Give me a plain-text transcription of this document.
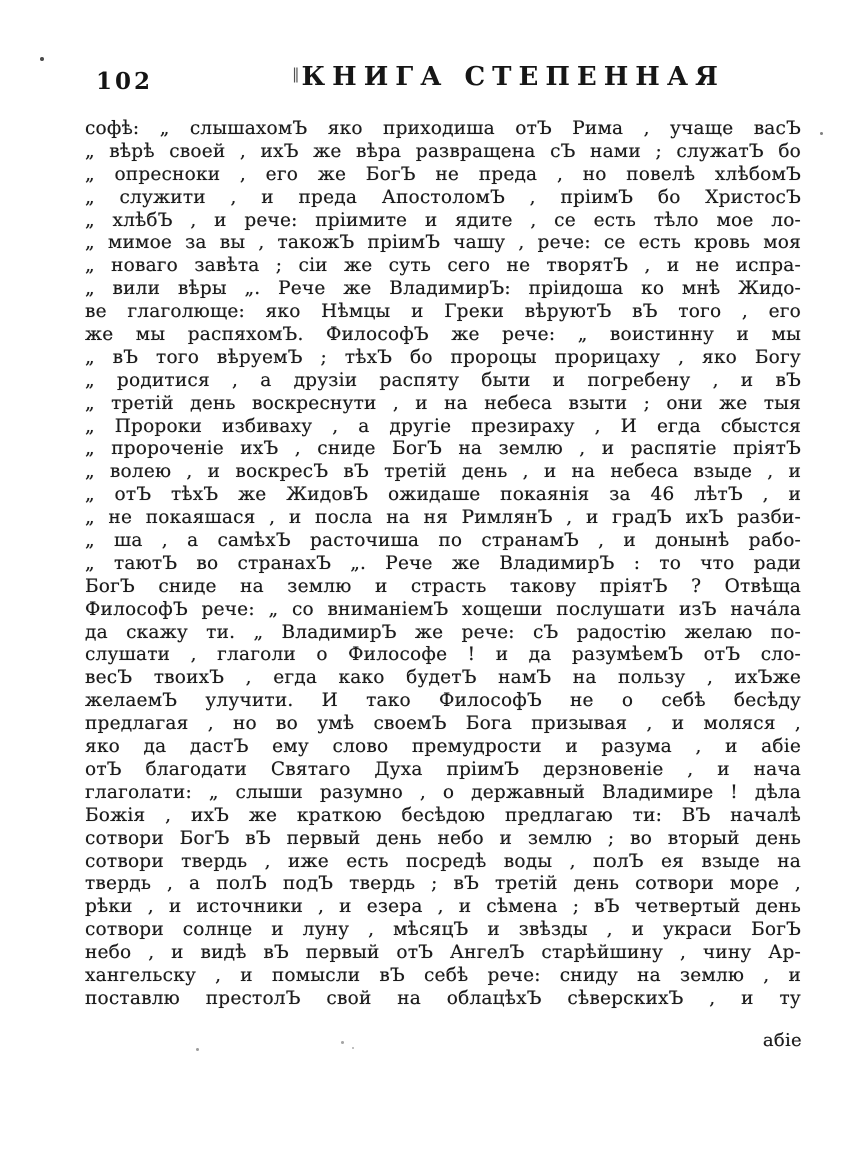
102	‖КНИГА СТЕПЕННАЯ
софѣ: „ слышахомЪ яко приходиша отЪ Рима , учаще васЪ
„ вѣрѣ своей , ихЪ же вѣра развращена сЪ нами ; служатЪ бо
„ опресноки , его же БогЪ не преда , но повелѣ хлѣбомЪ
„ служити , и преда АпостоломЪ , пріимЪ бо ХристосЪ
„ хлѣбЪ , и рече: пріимите и ядите , се есть тѣло мое ло-
„ мимое за вы , такожЪ пріимЪ чашу , рече: се есть кровь моя
„ новаго завѣта ; сіи же суть сего не творятЪ , и не испра-
„ вили вѣры „. Рече же ВладимирЪ: пріидоша ко мнѣ Жидо-
ве глаголюще: яко Нѣмцы и Греки вѣруютЪ вЪ того , его
же мы распяхомЪ. ФилософЪ же рече: „ воистинну и мы
„ вЪ того вѣруемЪ ; тѣхЪ бо пророцы прорицаху , яко Богу
„ родитися , а друзіи распяту быти и погребену , и вЪ
„ третій день воскреснути , и на небеса взыти ; они же тыя
„ Пророки избиваху , а другіе презираху , И егда сбыстся
„ пророченіе ихЪ , сниде БогЪ на землю , и распятіе пріятЪ
„ волею , и воскресЪ вЪ третій день , и на небеса взыде , и
„ отЪ тѣхЪ же ЖидовЪ ожидаше покаянія за 46 лѣтЪ , и
„ не покаяшася , и посла на ня РимлянЪ , и градЪ ихЪ разби-
„ ша , а самѣхЪ расточиша по странамЪ , и донынѣ рабо-
„ таютЪ во странахЪ „. Рече же ВладимирЪ : то что ради
БогЪ сниде на землю и страсть такову пріятЪ ? Отвѣща
ФилософЪ рече: „ со вниманіемЪ хощеши послушати изЪ нача́ла
да скажу ти. „ ВладимирЪ же рече: сЪ радостію желаю по-
слушати , глаголи о Философе ! и да разумѣемЪ отЪ сло-
весЪ твоихЪ , егда како будетЪ намЪ на пользу , ихЪже
желаемЪ улучити. И тако ФилософЪ не о себѣ бесѣду
предлагая , но во умѣ своемЪ Бога призывая , и моляся ,
яко да дастЪ ему слово премудрости и разума , и абіе
отЪ благодати Святаго Духа пріимЪ дерзновеніе , и нача
глаголати: „ слыши разумно , о державный Владимире ! дѣла
Божія , ихЪ же краткою бесѣдою предлагаю ти: ВЪ началѣ
сотвори БогЪ вЪ первый день небо и землю ; во вторый день
сотвори твердь , иже есть посредѣ воды , полЪ ея взыде на
твердь , а полЪ подЪ твердь ; вЪ третій день сотвори море ,
рѣки , и источники , и езера , и сѣмена ; вЪ четвертый день
сотвори солнце и луну , мѣсяцЪ и звѣзды , и украси БогЪ
небо , и видѣ вЪ первый отЪ АнгелЪ старѣйшину , чину Ар-
хангельску , и помысли вЪ себѣ рече: сниду на землю , и
поставлю престолЪ свой на облацѣхЪ сѣверскихЪ , и ту
абіе
